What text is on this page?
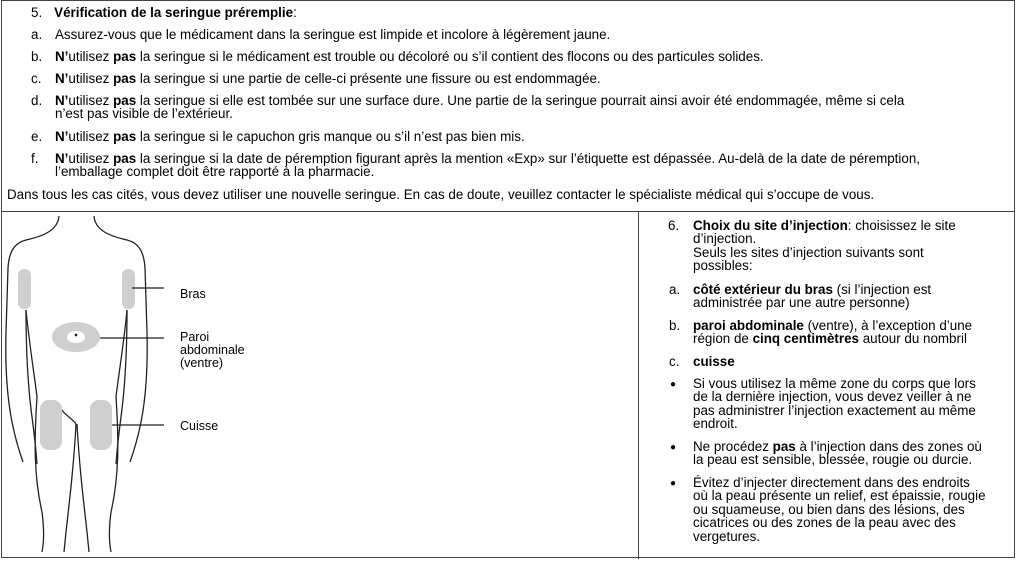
5. Vérification de la seringue préremplie:
a. Assurez-vous que le médicament dans la seringue est limpide et incolore à légèrement jaune.
b. N’utilisez pas la seringue si le médicament est trouble ou décoloré ou s’il contient des flocons ou des particules solides.
c. N’utilisez pas la seringue si une partie de celle-ci présente une fissure ou est endommagée.
d. N’utilisez pas la seringue si elle est tombée sur une surface dure. Une partie de la seringue pourrait ainsi avoir été endommagée, même si cela
n’est pas visible de l’extérieur.
e. N’utilisez pas la seringue si le capuchon gris manque ou s’il n’est pas bien mis.
f. N’utilisez pas la seringue si la date de péremption figurant après la mention «Exp» sur l’étiquette est dépassée. Au-delà de la date de péremption,
l’emballage complet doit être rapporté à la pharmacie.
Dans tous les cas cités, vous devez utiliser une nouvelle seringue. En cas de doute, veuillez contacter le spécialiste médical qui s’occupe de vous.
Bras
Paroi
abdominale
(ventre)
Cuisse
6. Choix du site d’injection: choisissez le site
d’injection.
Seuls les sites d’injection suivants sont
possibles:
a. côté extérieur du bras (si l’injection est
administrée par une autre personne)
b. paroi abdominale (ventre), à l’exception d’une
région de cinq centimètres autour du nombril
c. cuisse
● Si vous utilisez la même zone du corps que lors
de la dernière injection, vous devez veiller à ne
pas administrer l’injection exactement au même
endroit.
● Ne procédez pas à l’injection dans des zones où
la peau est sensible, blessée, rougie ou durcie.
● Évitez d’injecter directement dans des endroits
où la peau présente un relief, est épaissie, rougie
ou squameuse, ou bien dans des lésions, des
cicatrices ou des zones de la peau avec des
vergetures.
